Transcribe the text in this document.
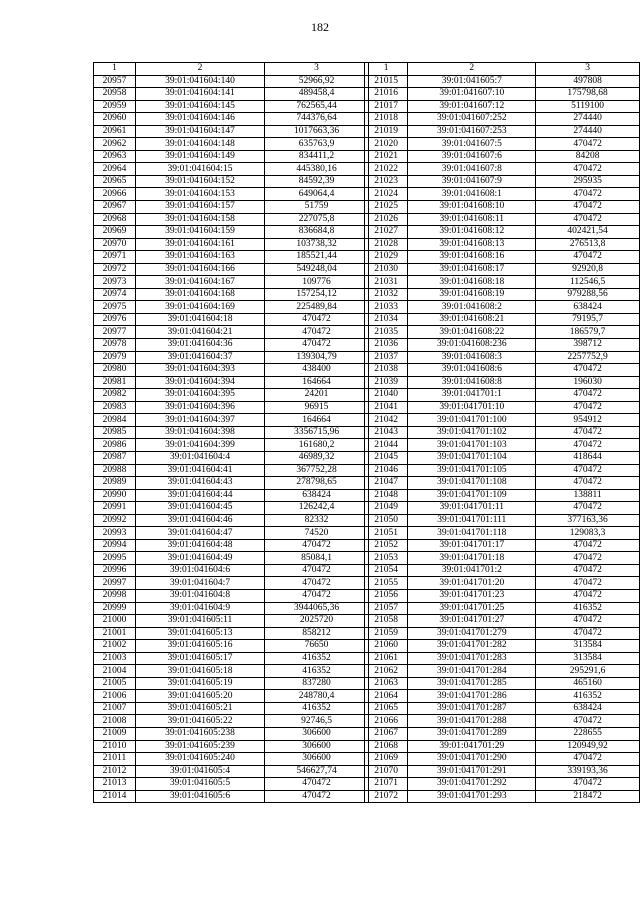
182
1	2	3
20957	39:01:041604:140	52966,92
20958	39:01:041604:141	489458,4
20959	39:01:041604:145	762565,44
20960	39:01:041604:146	744376,64
20961	39:01:041604:147	1017663,36
20962	39:01:041604:148	635763,9
20963	39:01:041604:149	834411,2
20964	39:01:041604:15	445380,16
20965	39:01:041604:152	84592,39
20966	39:01:041604:153	649064,4
20967	39:01:041604:157	51759
20968	39:01:041604:158	227075,8
20969	39:01:041604:159	836684,8
20970	39:01:041604:161	103738,32
20971	39:01:041604:163	185521,44
20972	39:01:041604:166	549248,04
20973	39:01:041604:167	109776
20974	39:01:041604:168	157254,12
20975	39:01:041604:169	225489,84
20976	39:01:041604:18	470472
20977	39:01:041604:21	470472
20978	39:01:041604:36	470472
20979	39:01:041604:37	139304,79
20980	39:01:041604:393	438400
20981	39:01:041604:394	164664
20982	39:01:041604:395	24201
20983	39:01:041604:396	96915
20984	39:01:041604:397	164664
20985	39:01:041604:398	3356715,96
20986	39:01:041604:399	161680,2
20987	39:01:041604:4	46989,32
20988	39:01:041604:41	367752,28
20989	39:01:041604:43	278798,65
20990	39:01:041604:44	638424
20991	39:01:041604:45	126242,4
20992	39:01:041604:46	82332
20993	39:01:041604:47	74520
20994	39:01:041604:48	470472
20995	39:01:041604:49	85084,1
20996	39:01:041604:6	470472
20997	39:01:041604:7	470472
20998	39:01:041604:8	470472
20999	39:01:041604:9	3944065,36
21000	39:01:041605:11	2025720
21001	39:01:041605:13	858212
21002	39:01:041605:16	76650
21003	39:01:041605:17	416352
21004	39:01:041605:18	416352
21005	39:01:041605:19	837280
21006	39:01:041605:20	248780,4
21007	39:01:041605:21	416352
21008	39:01:041605:22	92746,5
21009	39:01:041605:238	306600
21010	39:01:041605:239	306600
21011	39:01:041605:240	306600
21012	39:01:041605:4	546627,74
21013	39:01:041605:5	470472
21014	39:01:041605:6	470472
1	2	3
21015	39:01:041605:7	497808
21016	39:01:041607:10	175798,68
21017	39:01:041607:12	5119100
21018	39:01:041607:252	274440
21019	39:01:041607:253	274440
21020	39:01:041607:5	470472
21021	39:01:041607:6	84208
21022	39:01:041607:8	470472
21023	39:01:041607:9	295935
21024	39:01:041608:1	470472
21025	39:01:041608:10	470472
21026	39:01:041608:11	470472
21027	39:01:041608:12	402421,54
21028	39:01:041608:13	276513,8
21029	39:01:041608:16	470472
21030	39:01:041608:17	92920,8
21031	39:01:041608:18	112546,5
21032	39:01:041608:19	979288,56
21033	39:01:041608:2	638424
21034	39:01:041608:21	79195,7
21035	39:01:041608:22	186579,7
21036	39:01:041608:236	398712
21037	39:01:041608:3	2257752,9
21038	39:01:041608:6	470472
21039	39:01:041608:8	196030
21040	39:01:041701:1	470472
21041	39:01:041701:10	470472
21042	39:01:041701:100	954912
21043	39:01:041701:102	470472
21044	39:01:041701:103	470472
21045	39:01:041701:104	418644
21046	39:01:041701:105	470472
21047	39:01:041701:108	470472
21048	39:01:041701:109	138811
21049	39:01:041701:11	470472
21050	39:01:041701:111	377163,36
21051	39:01:041701:118	129083,3
21052	39:01:041701:17	470472
21053	39:01:041701:18	470472
21054	39:01:041701:2	470472
21055	39:01:041701:20	470472
21056	39:01:041701:23	470472
21057	39:01:041701:25	416352
21058	39:01:041701:27	470472
21059	39:01:041701:279	470472
21060	39:01:041701:282	313584
21061	39:01:041701:283	313584
21062	39:01:041701:284	295291,6
21063	39:01:041701:285	465160
21064	39:01:041701:286	416352
21065	39:01:041701:287	638424
21066	39:01:041701:288	470472
21067	39:01:041701:289	228655
21068	39:01:041701:29	120949,92
21069	39:01:041701:290	470472
21070	39:01:041701:291	339193,36
21071	39:01:041701:292	470472
21072	39:01:041701:293	218472
